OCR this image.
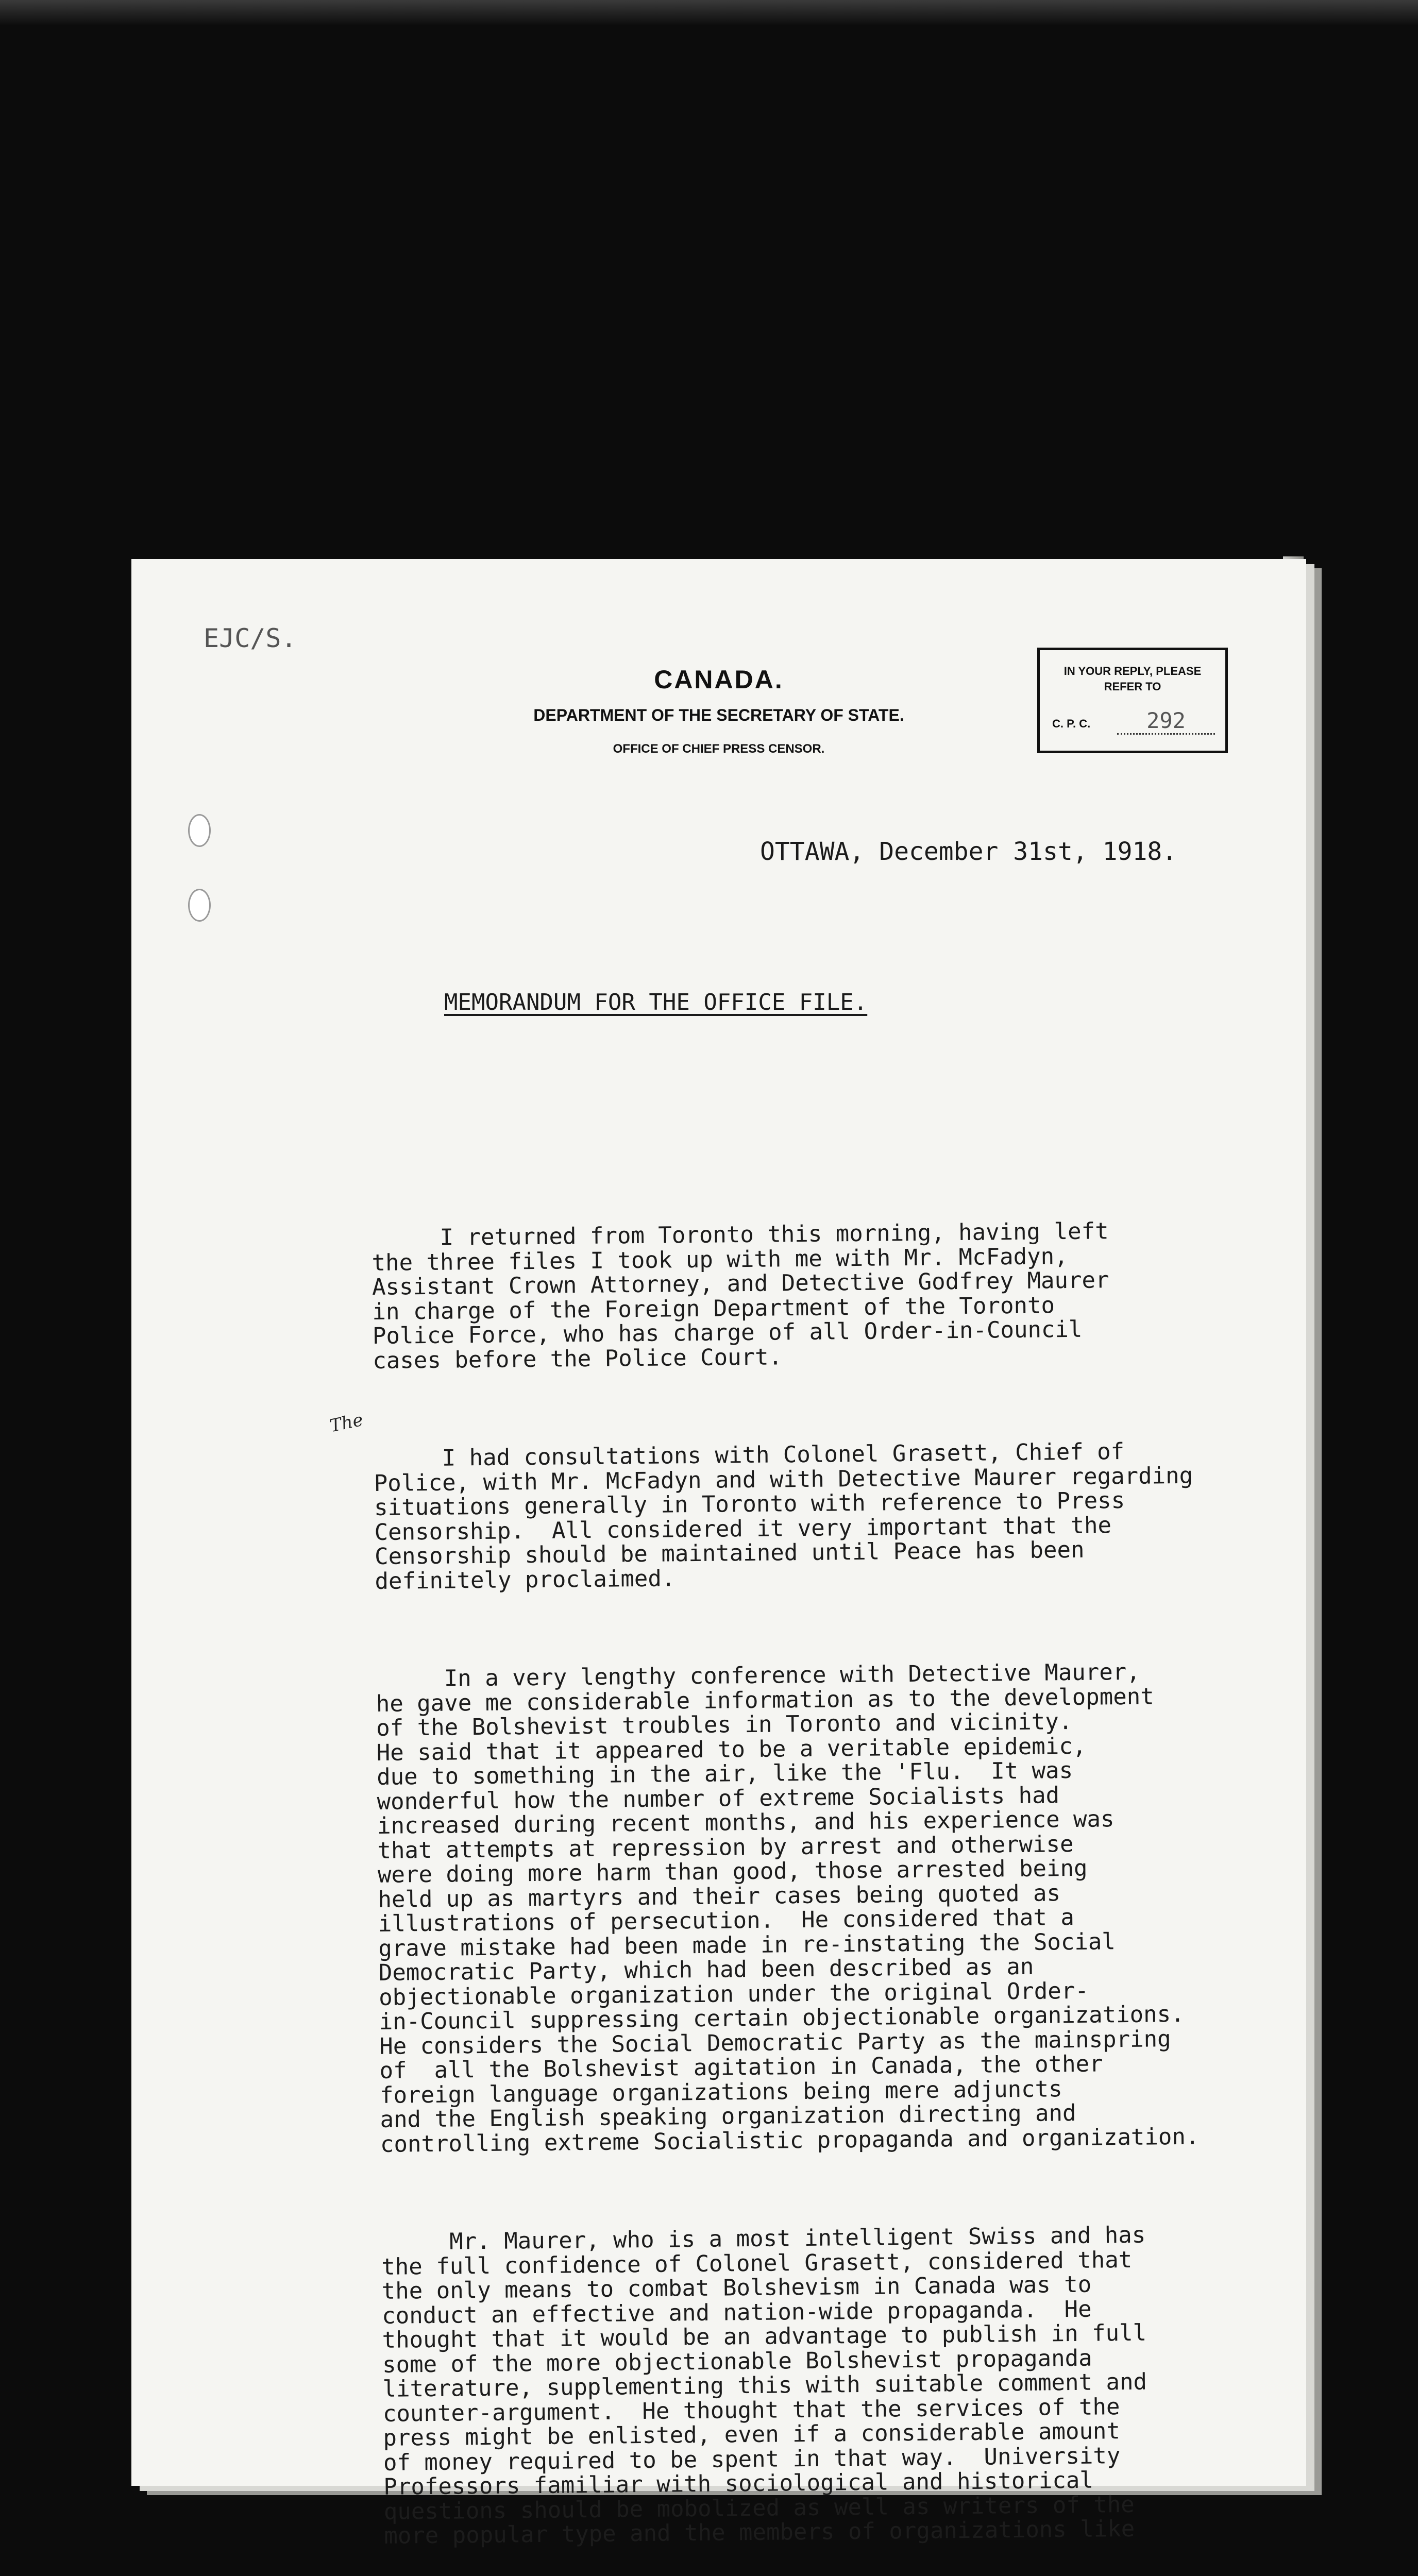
EJC/S.
CANADA.
DEPARTMENT OF THE SECRETARY OF STATE.
OFFICE OF CHIEF PRESS CENSOR.
IN YOUR REPLY, PLEASE
REFER TO
C. P. C.	292
OTTAWA, December 31st, 1918.
MEMORANDUM FOR THE OFFICE FILE.
The

I returned from Toronto this morning, having left
the three files I took up with me with Mr. McFadyn,
Assistant Crown Attorney, and Detective Godfrey Maurer
in charge of the Foreign Department of the Toronto
Police Force, who has charge of all Order-in-Council
cases before the Police Court.

I had consultations with Colonel Grasett, Chief of
Police, with Mr. McFadyn and with Detective Maurer regarding
situations generally in Toronto with reference to Press
Censorship.  All considered it very important that the
Censorship should be maintained until Peace has been
definitely proclaimed.

In a very lengthy conference with Detective Maurer,
he gave me considerable information as to the development
of the Bolshevist troubles in Toronto and vicinity.
He said that it appeared to be a veritable epidemic,
due to something in the air, like the 'Flu.  It was
wonderful how the number of extreme Socialists had
increased during recent months, and his experience was
that attempts at repression by arrest and otherwise
were doing more harm than good, those arrested being
held up as martyrs and their cases being quoted as
illustrations of persecution.  He considered that a
grave mistake had been made in re-instating the Social
Democratic Party, which had been described as an
objectionable organization under the original Order-
in-Council suppressing certain objectionable organizations.
He considers the Social Democratic Party as the mainspring
of  all the Bolshevist agitation in Canada, the other
foreign language organizations being mere adjuncts
and the English speaking organization directing and
controlling extreme Socialistic propaganda and organization.

Mr. Maurer, who is a most intelligent Swiss and has
the full confidence of Colonel Grasett, considered that
the only means to combat Bolshevism in Canada was to
conduct an effective and nation-wide propaganda.  He
thought that it would be an advantage to publish in full
some of the more objectionable Bolshevist propaganda
literature, supplementing this with suitable comment and
counter-argument.  He thought that the services of the
press might be enlisted, even if a considerable amount
of money required to be spent in that way.  University
Professors familiar with sociological and historical
questions should be mobolized as well as writers of the
more popular type and the members of organizations like
